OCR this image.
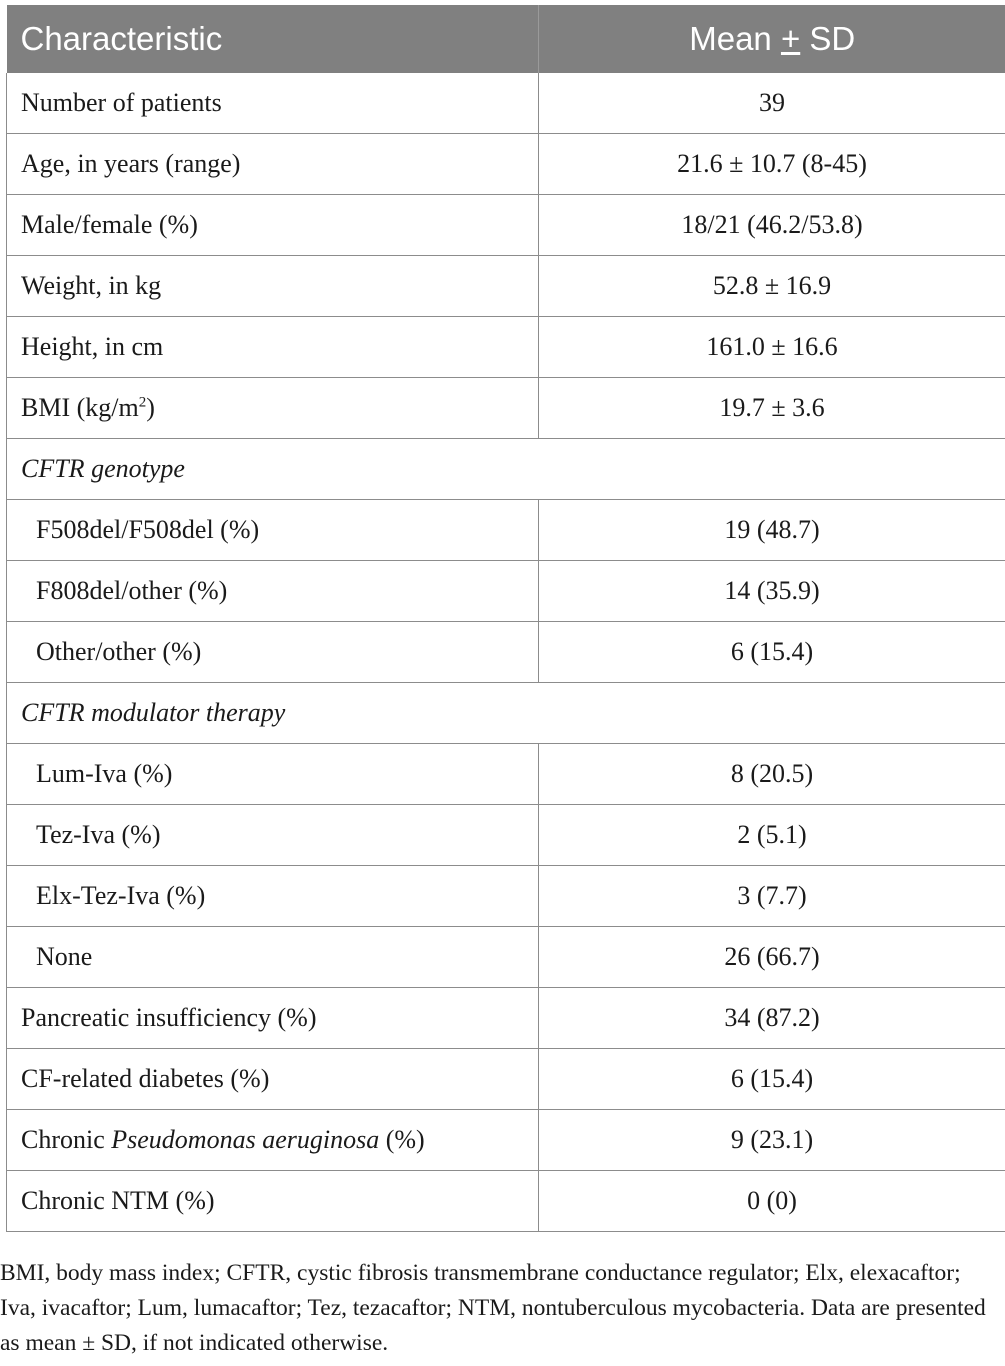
Characteristic	Mean + SD
Number of patients	39
Age, in years (range)	21.6 ± 10.7 (8-45)
Male/female (%)	18/21 (46.2/53.8)
Weight, in kg	52.8 ± 16.9
Height, in cm	161.0 ± 16.6
BMI $(kg/m^2)$	19.7 ± 3.6
CFTR genotype	
F508del/F508del (%)	19 (48.7)
F808del/other (%)	14 (35.9)
Other/other (%)	6 (15.4)
CFTR modulator therapy	
Lum-Iva (%)	8 (20.5)
Tez-Iva (%)	2 (5.1)
Elx-Tez-Iva (%)	3 (7.7)
None	26 (66.7)
Pancreatic insufficiency (%)	34 (87.2)
CF-related diabetes (%)	6 (15.4)
Chronic Pseudomonas aeruginosa (%)	9 (23.1)
Chronic NTM (%)	0 (0)
BMI, body mass index; CFTR, cystic fibrosis transmembrane conductance regulator; Elx, elexacaftor; Iva, ivacaftor; Lum, lumacaftor; Tez, tezacaftor; NTM, nontuberculous mycobacteria. Data are presented as mean ± SD, if not indicated otherwise.
